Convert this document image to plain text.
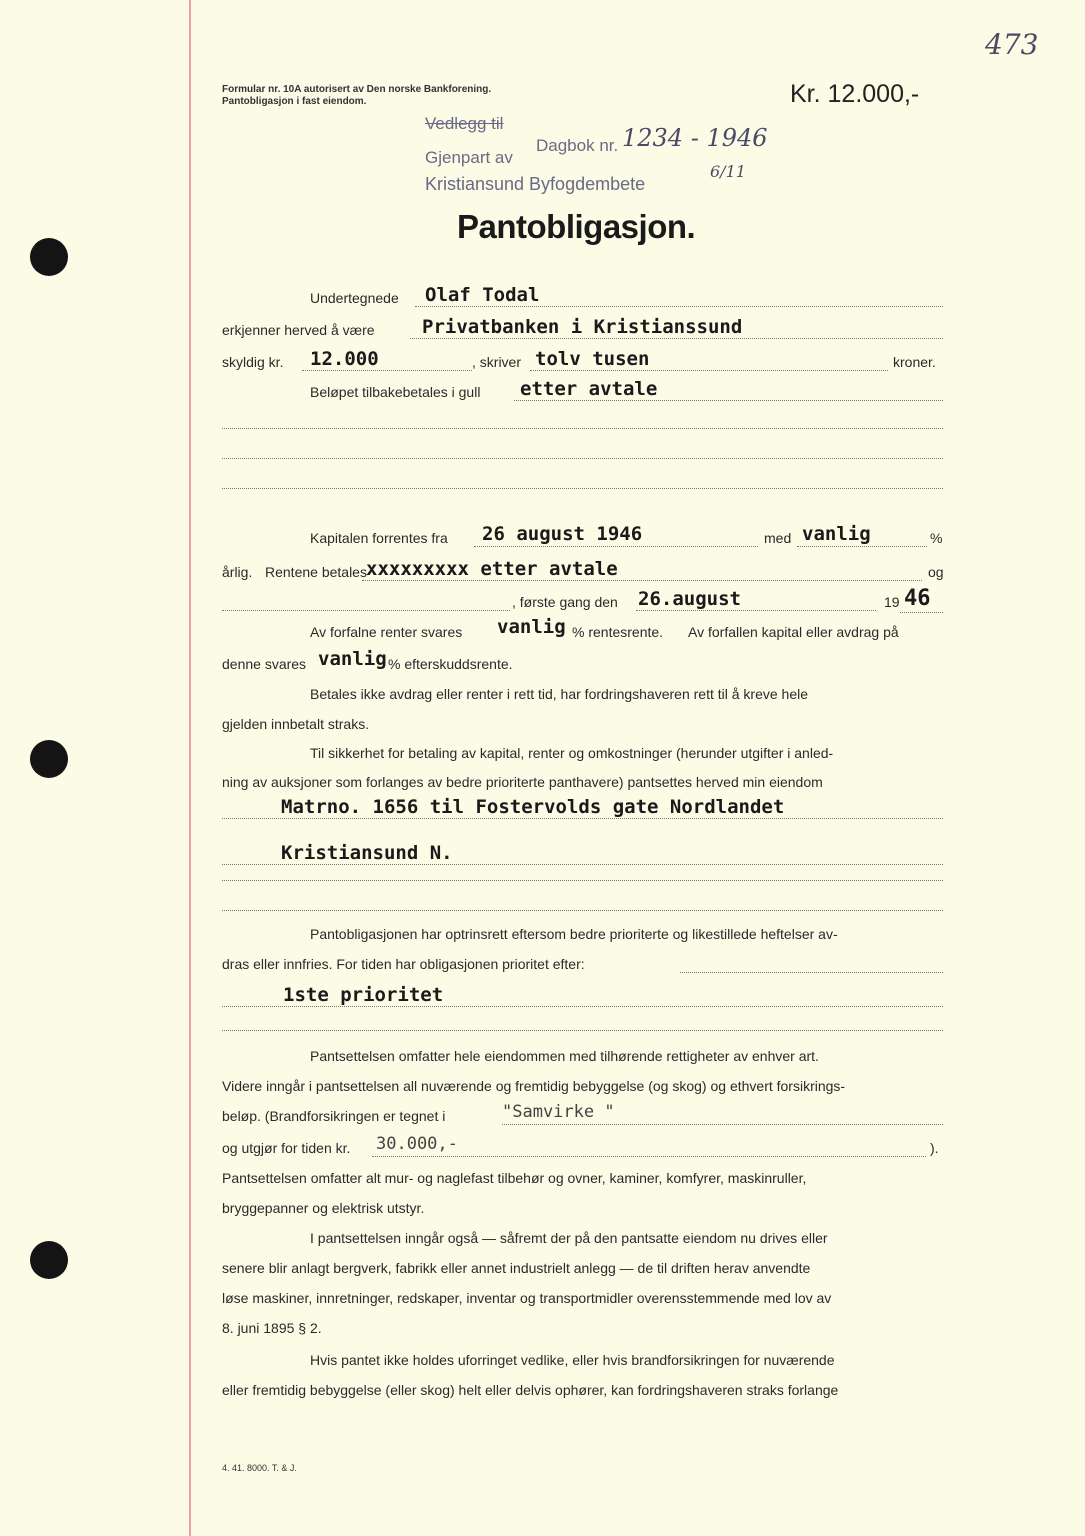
473
Formular nr. 10A autorisert av Den norske Bankforening.
Pantobligasjon i fast eiendom.	Kr. 12.000,-
Vedlegg til
Dagbok nr. 1234 - 1946
Gjenpart av
Kristiansund Byfogdembete
6/11
Pantobligasjon.
Undertegnede Olaf Todal
erkjenner herved å være Privatbanken i Kristianssund
skyldig kr. 12.000	, skriver tolv tusen	kroner.
Beløpet tilbakebetales i gull etter avtale
Kapitalen forrentes fra 26 august 1946	med vanlig	%
årlig. Rentene betales xxxxxxxxx etter avtale	og
, første gang den 26.august	19 46
Av forfalne renter svares vanlig % rentesrente. Av forfallen kapital eller avdrag på
denne svares vanlig % efterskuddsrente.
Betales ikke avdrag eller renter i rett tid, har fordringshaveren rett til å kreve hele
gjelden innbetalt straks.
Til sikkerhet for betaling av kapital, renter og omkostninger (herunder utgifter i anled-
ning av auksjoner som forlanges av bedre prioriterte panthavere) pantsettes herved min eiendom
Matrno. 1656 til Fostervolds gate Nordlandet
Kristiansund N.
Pantobligasjonen har optrinsrett eftersom bedre prioriterte og likestillede heftelser av-
dras eller innfries. For tiden har obligasjonen prioritet efter:
1ste prioritet
Pantsettelsen omfatter hele eiendommen med tilhørende rettigheter av enhver art.
Videre inngår i pantsettelsen all nuværende og fremtidig bebyggelse (og skog) og ethvert forsikrings-
beløp. (Brandforsikringen er tegnet i	"Samvirke "
og utgjør for tiden kr. 30.000,-	).
Pantsettelsen omfatter alt mur- og naglefast tilbehør og ovner, kaminer, komfyrer, maskinruller,
bryggepanner og elektrisk utstyr.
I pantsettelsen inngår også — såfremt der på den pantsatte eiendom nu drives eller
senere blir anlagt bergverk, fabrikk eller annet industrielt anlegg — de til driften herav anvendte
løse maskiner, innretninger, redskaper, inventar og transportmidler overensstemmende med lov av
8. juni 1895 § 2.
Hvis pantet ikke holdes uforringet vedlike, eller hvis brandforsikringen for nuværende
eller fremtidig bebyggelse (eller skog) helt eller delvis ophører, kan fordringshaveren straks forlange
4. 41. 8000. T. & J.
